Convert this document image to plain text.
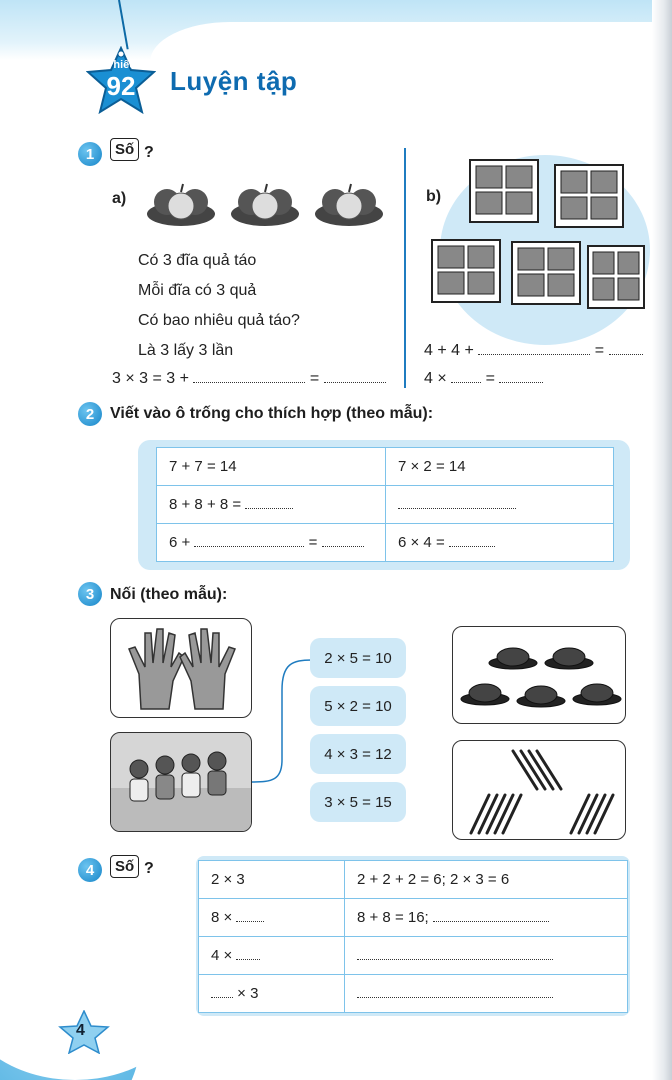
Phiếu
92	Luyện tập
1	Số ?
a)
Có 3 đĩa quả táo
Mỗi đĩa có 3 quả
Có bao nhiêu quả táo?
Là 3 lấy 3 lần
3 × 3 = 3 +	=
b)
4 + 4 +	=
4 × =
2 Viết vào ô trống cho thích hợp (theo mẫu):
7 + 7 = 14	7 × 2 = 14
8 + 8 + 8 =	
6 + =	6 × 4 =
3 Nối (theo mẫu):
2 × 5 = 10
5 × 2 = 10
4 × 3 = 12
3 × 5 = 15
4	Số ?
2 × 3	2 + 2 + 2 = 6; 2 × 3 = 6
8 ×	8 + 8 = 16;
4 ×	
× 3	
4
